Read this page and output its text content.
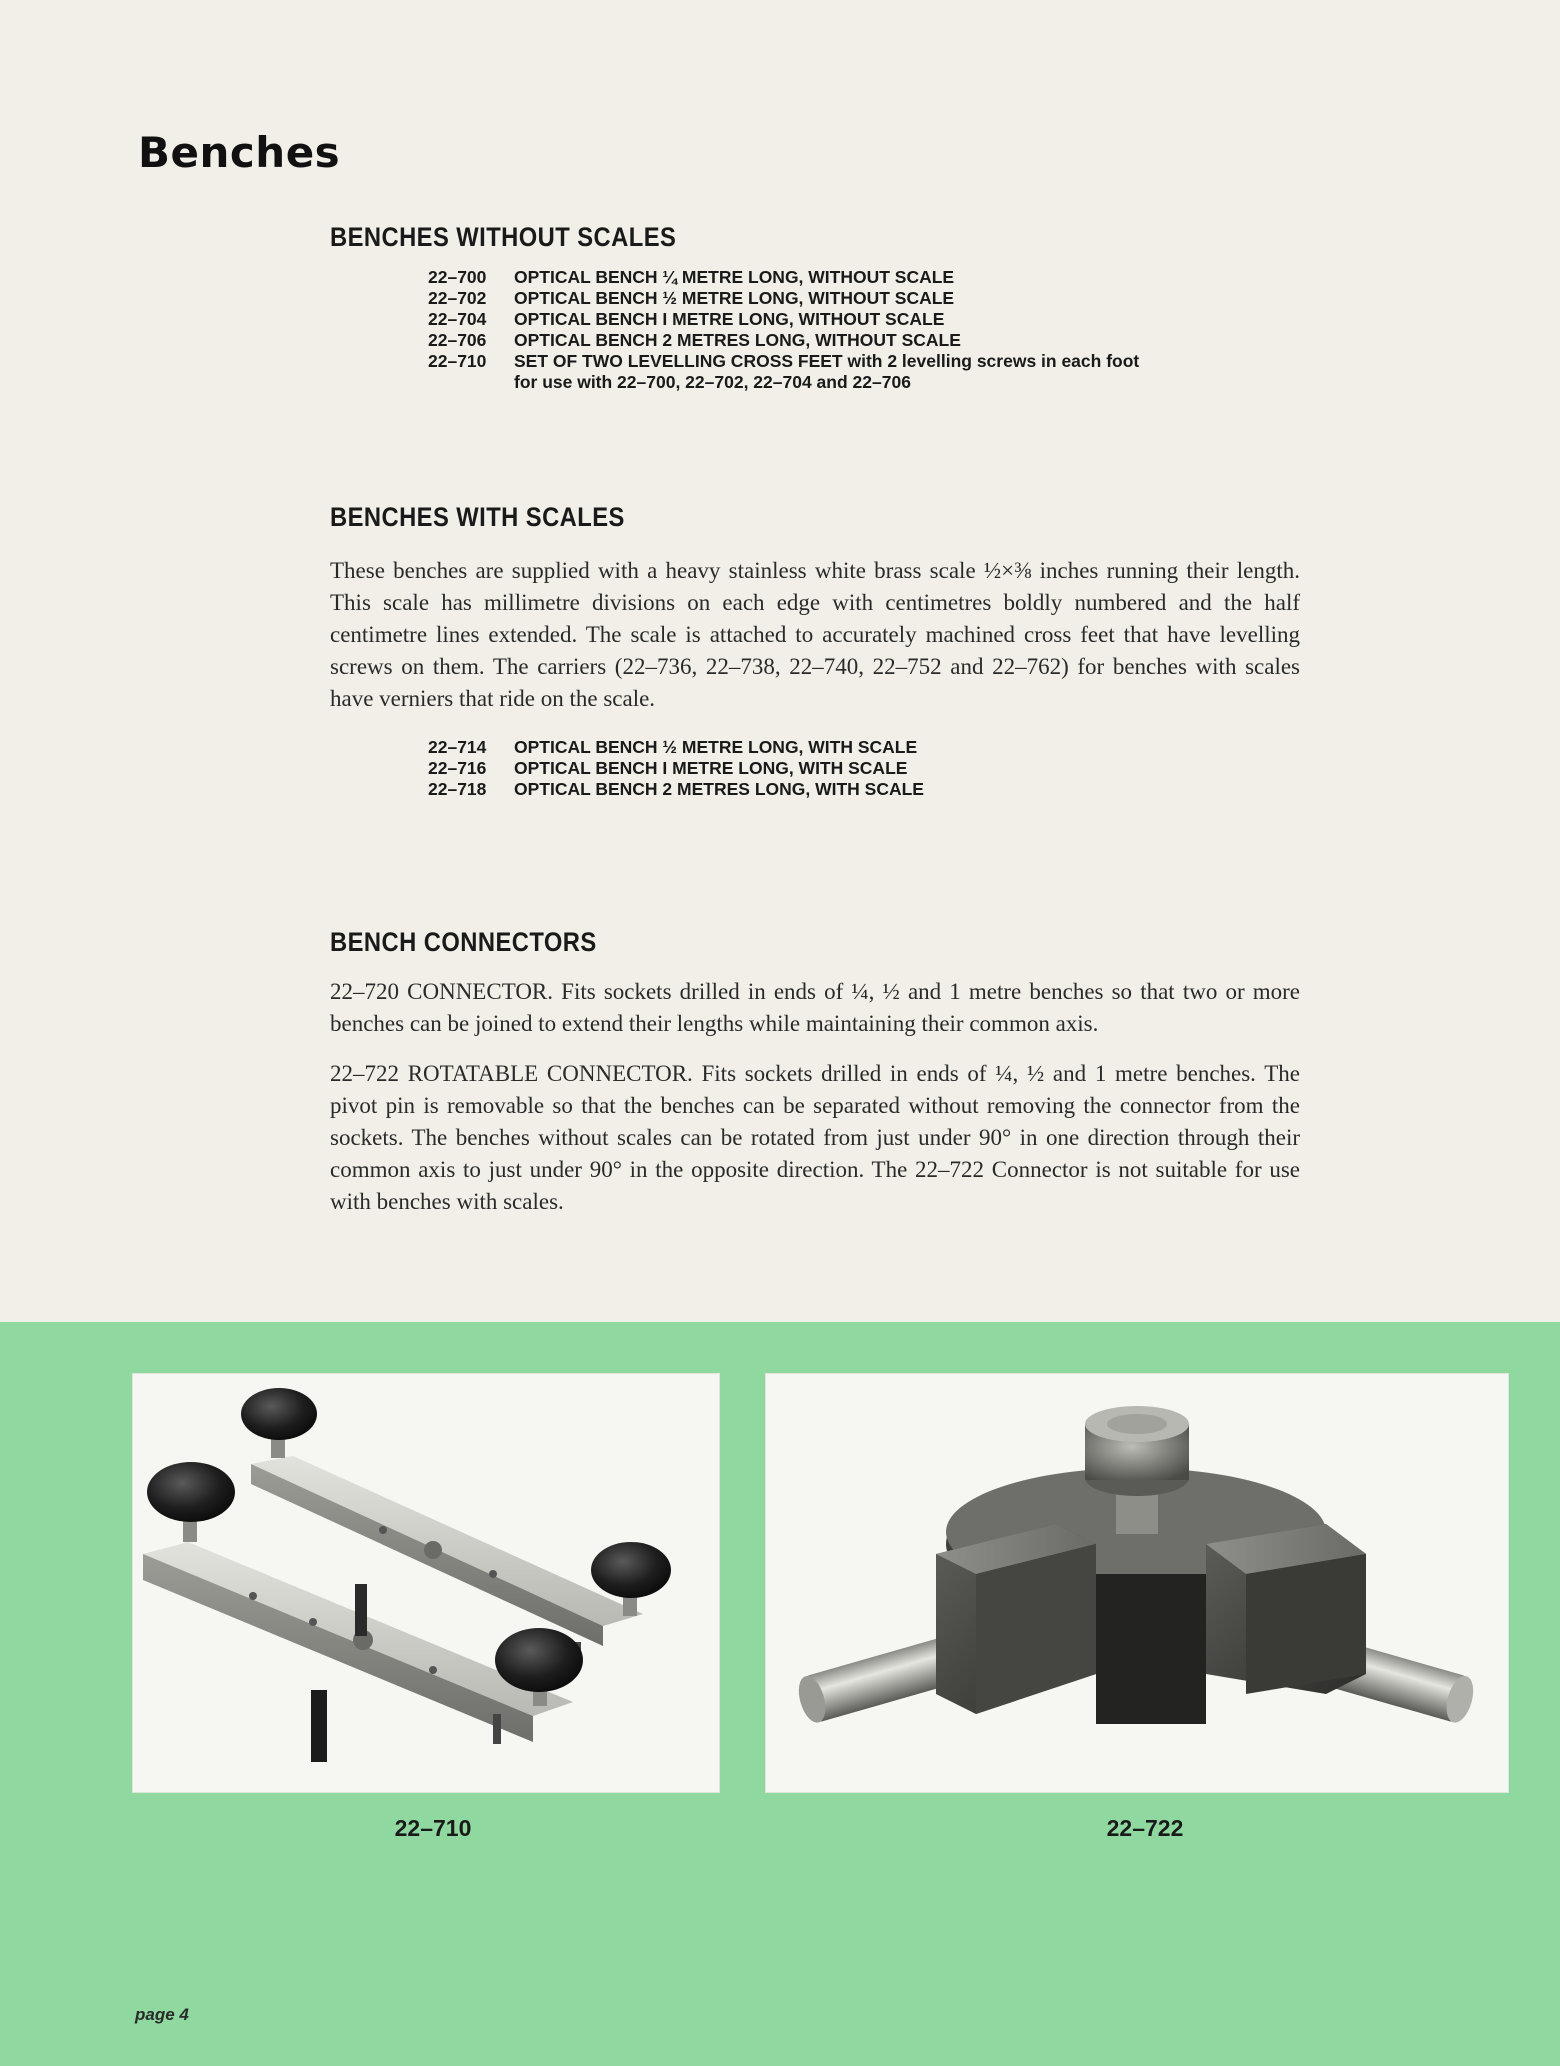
Benches
BENCHES WITHOUT SCALES
22–700	OPTICAL BENCH ¼ METRE LONG, WITHOUT SCALE
22–702	OPTICAL BENCH ½ METRE LONG, WITHOUT SCALE
22–704	OPTICAL BENCH I METRE LONG, WITHOUT SCALE
22–706	OPTICAL BENCH 2 METRES LONG, WITHOUT SCALE
22–710	SET OF TWO LEVELLING CROSS FEET with 2 levelling screws in each foot for use with 22–700, 22–702, 22–704 and 22–706
BENCHES WITH SCALES

These benches are supplied with a heavy stainless white brass scale ½×⅜ inches running their length. This scale has millimetre divisions on each edge with centimetres boldly numbered and the half centimetre lines extended. The scale is attached to accurately machined cross feet that have levelling screws on them. The carriers (22–736, 22–738, 22–740, 22–752 and 22–762) for benches with scales have verniers that ride on the scale.

22–714	OPTICAL BENCH ½ METRE LONG, WITH SCALE
22–716	OPTICAL BENCH I METRE LONG, WITH SCALE
22–718	OPTICAL BENCH 2 METRES LONG, WITH SCALE
BENCH CONNECTORS

22–720 CONNECTOR. Fits sockets drilled in ends of ¼, ½ and 1 metre benches so that two or more benches can be joined to extend their lengths while maintaining their common axis.

22–722 ROTATABLE CONNECTOR. Fits sockets drilled in ends of ¼, ½ and 1 metre benches. The pivot pin is removable so that the benches can be separated without removing the connector from the sockets. The benches without scales can be rotated from just under 90° in one direction through their common axis to just under 90° in the opposite direction. The 22–722 Connector is not suitable for use with benches with scales.

22–710	22–722
page 4
